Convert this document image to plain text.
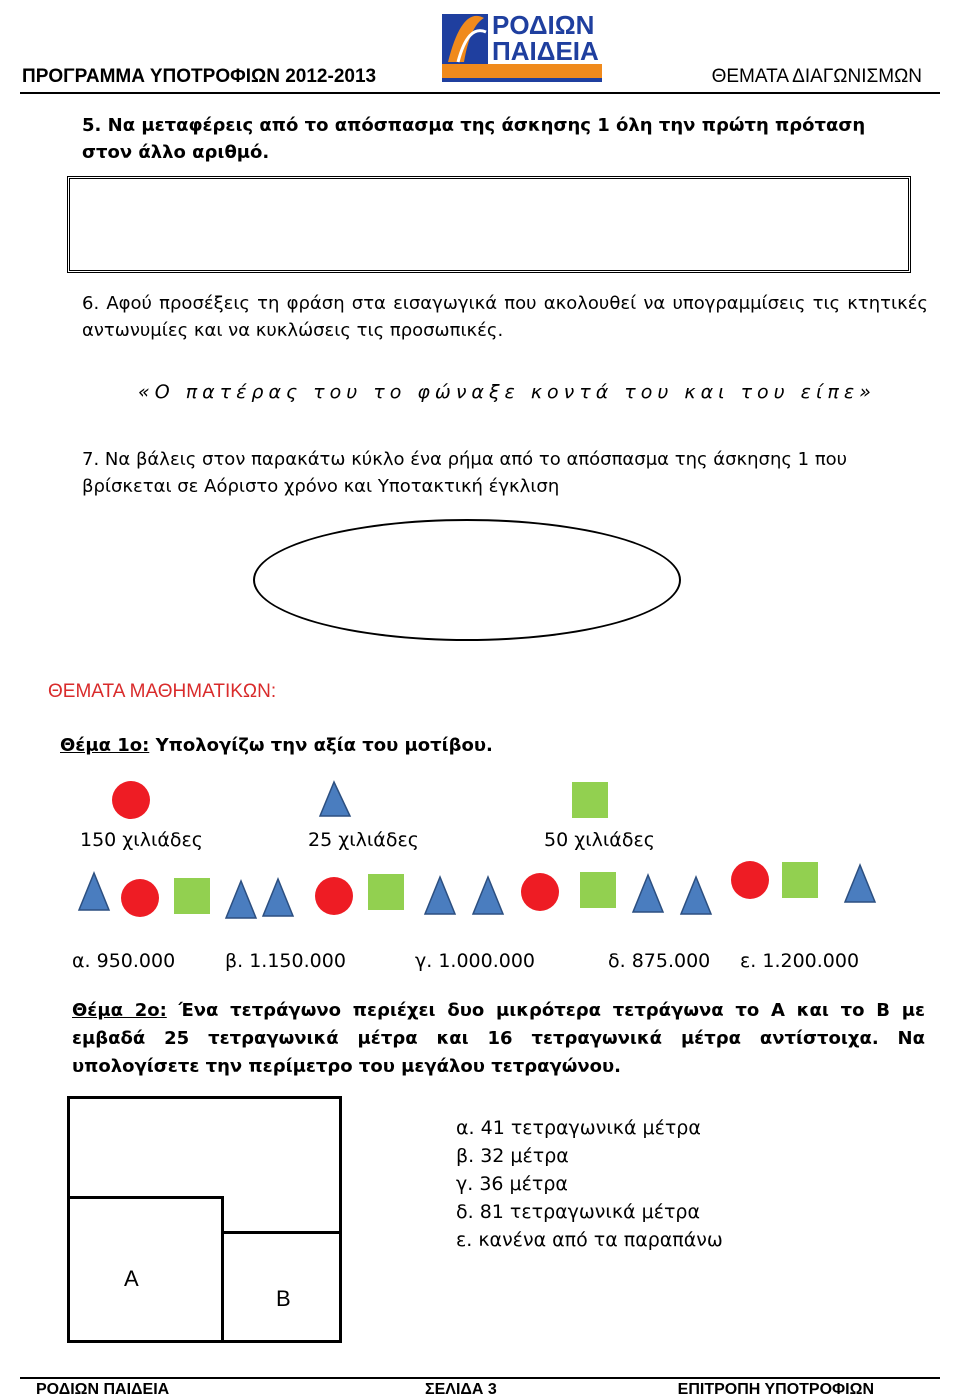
ΡΟΔΙΩΝ
ΠΑΙΔΕΙΑ
ΠΡΟΓΡΑΜΜΑ ΥΠΟΤΡΟΦΙΩΝ 2012-2013	ΘΕΜΑΤΑ ΔΙΑΓΩΝΙΣΜΩΝ
5. Να μεταφέρεις από το απόσπασμα της άσκησης 1 όλη την πρώτη πρόταση στον άλλο αριθμό.
6. Αφού προσέξεις τη φράση στα εισαγωγικά που ακολουθεί να υπογραμμίσεις τις κτητικές αντωνυμίες και να κυκλώσεις τις προσωπικές.
«Ο πατέρας του το φώναξε κοντά του και του είπε»
7. Να βάλεις στον παρακάτω κύκλο ένα ρήμα από το απόσπασμα της άσκησης 1 που βρίσκεται σε Αόριστο χρόνο και Υποτακτική έγκλιση
ΘΕΜΑΤΑ ΜΑΘΗΜΑΤΙΚΩΝ:
Θέμα 1ο: Υπολογίζω την αξία του μοτίβου.
150 χιλιάδες	25 χιλιάδες	50 χιλιάδες
α. 950.000	β. 1.150.000	γ. 1.000.000	δ. 875.000 ε. 1.200.000
Θέμα 2ο: Ένα τετράγωνο περιέχει δυο μικρότερα τετράγωνα το Α και το Β με εμβαδά 25 τετραγωνικά μέτρα και 16 τετραγωνικά μέτρα αντίστοιχα. Να υπολογίσετε την περίμετρο του μεγάλου τετραγώνου.
Α
Β
α. 41 τετραγωνικά μέτρα
β. 32 μέτρα
γ. 36 μέτρα
δ. 81 τετραγωνικά μέτρα
ε. κανένα από τα παραπάνω
ΡΟΔΙΩΝ ΠΑΙΔΕΙΑ	ΣΕΛΙΔΑ 3	ΕΠΙΤΡΟΠΗ ΥΠΟΤΡΟΦΙΩΝ
